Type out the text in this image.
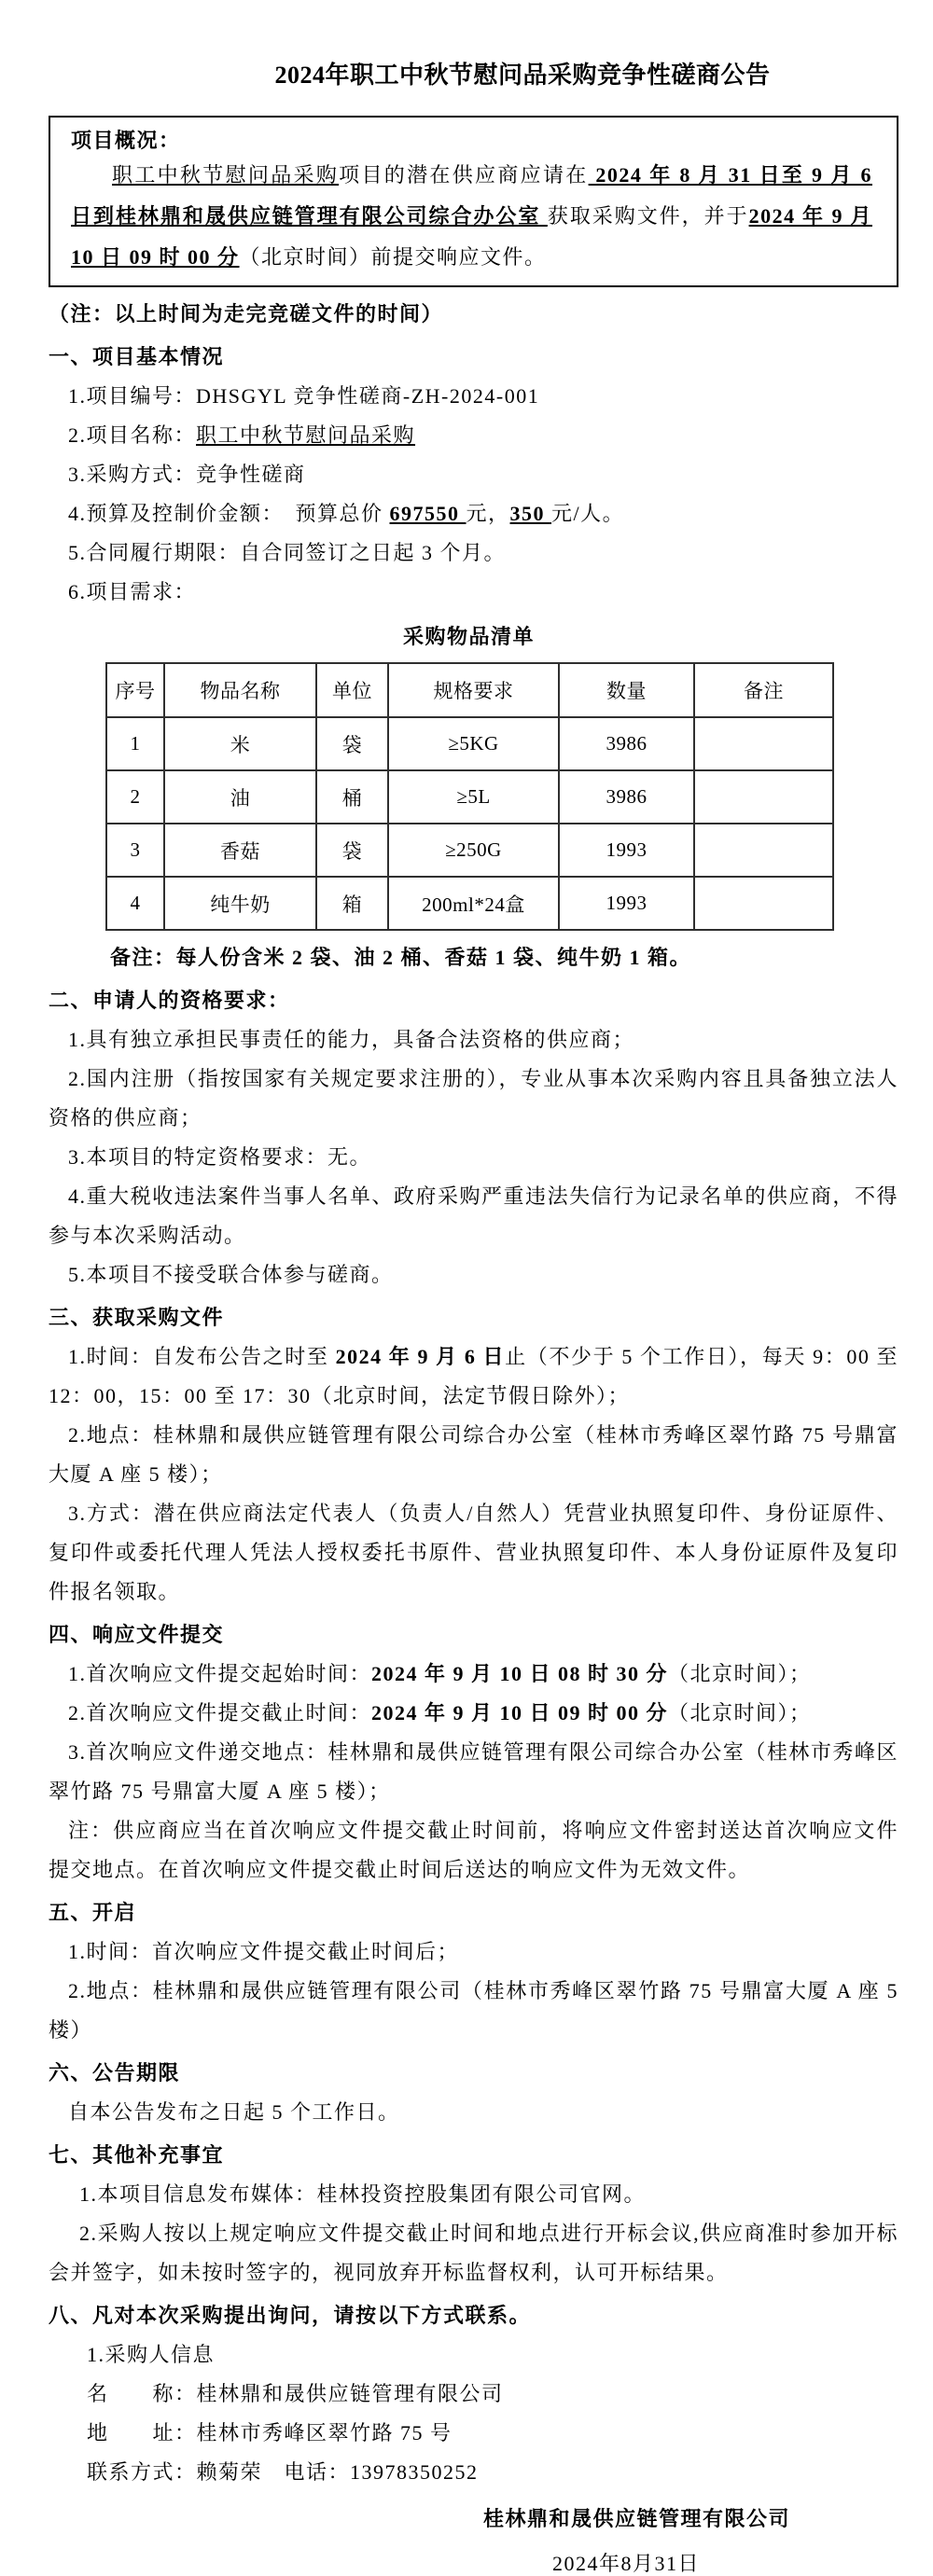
2024年职工中秋节慰问品采购竞争性磋商公告

项目概况：

职工中秋节慰问品采购项目的潜在供应商应请在 2024 年 8 月 31 日至 9 月 6 日到桂林鼎和晟供应链管理有限公司综合办公室 获取采购文件，并于2024 年 9 月 10 日 09 时 00 分（北京时间）前提交响应文件。

（注：以上时间为走完竞磋文件的时间）

一、项目基本情况

1.项目编号：DHSGYL 竞争性磋商-ZH-2024-001

2.项目名称：职工中秋节慰问品采购

3.采购方式：竞争性磋商

4.预算及控制价金额：　预算总价 697550 元，350 元/人。

5.合同履行期限：自合同签订之日起 3 个月。

6.项目需求：

采购物品清单

序号	物品名称	单位	规格要求	数量	备注
1	米	袋	≥5KG	3986	
2	油	桶	≥5L	3986	
3	香菇	袋	≥250G	1993	
4	纯牛奶	箱	200ml*24盒	1993	

备注：每人份含米 2 袋、油 2 桶、香菇 1 袋、纯牛奶 1 箱。

二、申请人的资格要求：

1.具有独立承担民事责任的能力，具备合法资格的供应商；

2.国内注册（指按国家有关规定要求注册的），专业从事本次采购内容且具备独立法人资格的供应商；

3.本项目的特定资格要求：无。

4.重大税收违法案件当事人名单、政府采购严重违法失信行为记录名单的供应商，不得参与本次采购活动。

5.本项目不接受联合体参与磋商。

三、获取采购文件

1.时间：自发布公告之时至 2024 年 9 月 6 日止（不少于 5 个工作日），每天 9：00 至 12：00，15：00 至 17：30（北京时间，法定节假日除外）；

2.地点：桂林鼎和晟供应链管理有限公司综合办公室（桂林市秀峰区翠竹路 75 号鼎富大厦 A 座 5 楼）；

3.方式：潜在供应商法定代表人（负责人/自然人）凭营业执照复印件、身份证原件、复印件或委托代理人凭法人授权委托书原件、营业执照复印件、本人身份证原件及复印件报名领取。

四、响应文件提交

1.首次响应文件提交起始时间：2024 年 9 月 10 日 08 时 30 分（北京时间）；

2.首次响应文件提交截止时间：2024 年 9 月 10 日 09 时 00 分（北京时间）；

3.首次响应文件递交地点：桂林鼎和晟供应链管理有限公司综合办公室（桂林市秀峰区翠竹路 75 号鼎富大厦 A 座 5 楼）；

注：供应商应当在首次响应文件提交截止时间前，将响应文件密封送达首次响应文件提交地点。在首次响应文件提交截止时间后送达的响应文件为无效文件。

五、开启

1.时间：首次响应文件提交截止时间后；

2.地点：桂林鼎和晟供应链管理有限公司（桂林市秀峰区翠竹路 75 号鼎富大厦 A 座 5 楼）

六、公告期限

自本公告发布之日起 5 个工作日。

七、其他补充事宜

1.本项目信息发布媒体：桂林投资控股集团有限公司官网。

2.采购人按以上规定响应文件提交截止时间和地点进行开标会议,供应商准时参加开标会并签字，如未按时签字的，视同放弃开标监督权利，认可开标结果。

八、凡对本次采购提出询问，请按以下方式联系。

1.采购人信息

名　　称：桂林鼎和晟供应链管理有限公司

地　　址：桂林市秀峰区翠竹路 75 号

联系方式：赖菊荣　电话：13978350252

桂林鼎和晟供应链管理有限公司

2024年8月31日
